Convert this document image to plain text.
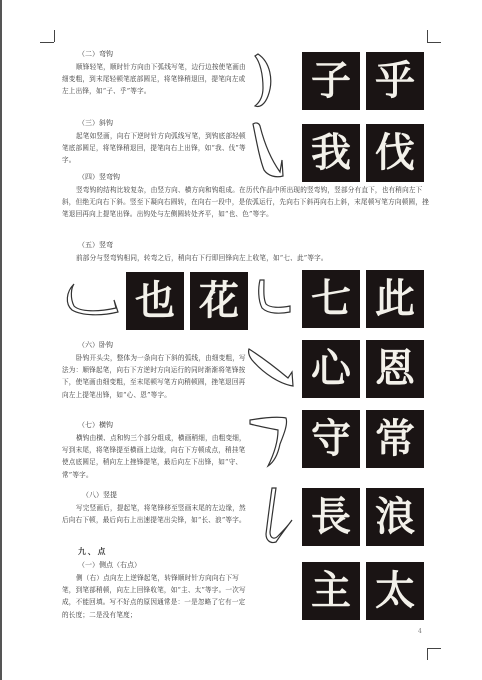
（二）弯钩

顺锋轻笔，顺时针方向由下弧线写笔，边行边按使笔画由细变粗，到末尾轻顿笔底部圆足，将笔锋稍退回，提笔向左或左上出锋，如“子、乎”等字。

（三）斜钩

起笔如竖画，向右下逆时针方向弧线写笔，到钩底部轻顿笔底部圆足，将笔锋稍退回，提笔向右上出锋，如“我、伐”等字。

（四）竖弯钩

竖弯钩的结构比较复杂，由竖方向、横方向和钩组成。在历代作品中所出现的竖弯钩，竖部分有直下，也有稍向左下斜，但绝无向右下斜。竖至下凝向右圆转，在向右一段中，是依弧运行，先向右下斜再向右上斜，末尾顿写笔方向顿圆，挫笔退回再向上提笔出锋。出钩处与左侧圆转处齐平，如“也、色”等字。

（五）竖弯

前部分与竖弯钩相同，转弯之后，稍向右下行即回锋向左上收笔，如“七、此”等字。

（六）卧钩

卧钩开头尖，整体为一条向右下斜的弧线，由细变粗，写法为：顺锋起笔，向右下方逆时方向运行的同时渐渐将笔锋按下，使笔画由细变粗，至末尾顿写笔方向稍顿圆，挫笔退回再向左上提笔出锋，如“心、恩”等字。

（七）横钩

横钩由横、点和钩三个部分组成，横画稍细，由粗变细，写到末尾，将笔锋提至横画上边缘，向右下方顿成点，稍挂笔使点底圆足，稍向左上挫锋提笔，最后向左下出锋，如“守、常”等字。

（八）竖提

写完竖画后，提起笔，将笔锋移至竖画末尾的左边缘，然后向右下顿，最后向右上出速提笔出尖锋，如“长、浪”等字。

九、点

（一）侧点（右点）

侧（右）点向左上逆锋起笔，转锋顺时针方向向右下写笔，到笔部稍顿，向左上回锋收笔，如“主、太”等字。一次写成，不能回填。写不好点的原因通常是：一是忽略了它有一定的长度；二是没有笔度；

子 乎
我 伐
也 花 七 此
心 恩
守 常
長 浪
主 太
4
